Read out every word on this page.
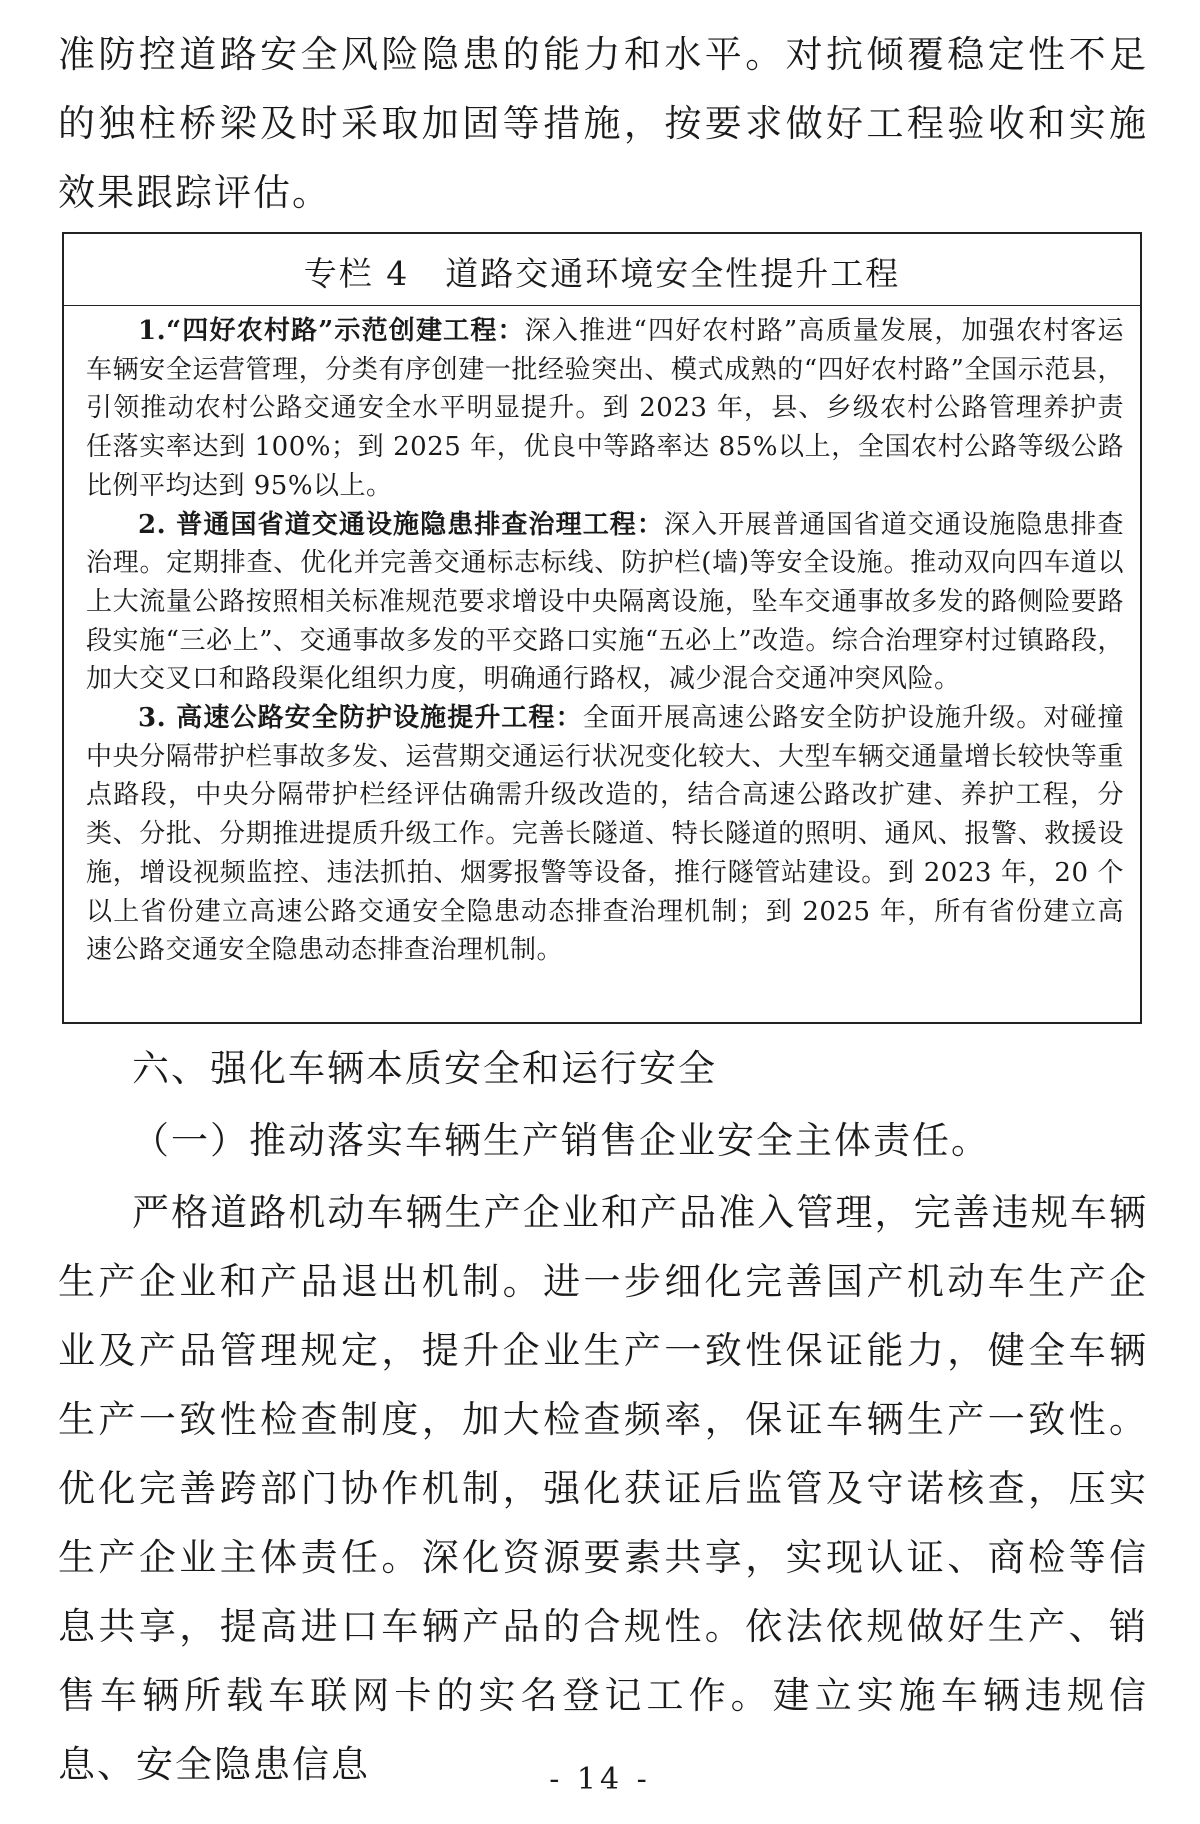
准防控道路安全风险隐患的能力和水平。对抗倾覆稳定性不足的独柱桥梁及时采取加固等措施，按要求做好工程验收和实施效果跟踪评估。

专栏 4 道路交通环境安全性提升工程

1.“四好农村路”示范创建工程：深入推进“四好农村路”高质量发展，加强农村客运车辆安全运营管理，分类有序创建一批经验突出、模式成熟的“四好农村路”全国示范县，引领推动农村公路交通安全水平明显提升。到 2023 年，县、乡级农村公路管理养护责任落实率达到 100%；到 2025 年，优良中等路率达 85%以上，全国农村公路等级公路比例平均达到 95%以上。

2. 普通国省道交通设施隐患排查治理工程：深入开展普通国省道交通设施隐患排查治理。定期排查、优化并完善交通标志标线、防护栏(墙)等安全设施。推动双向四车道以上大流量公路按照相关标准规范要求增设中央隔离设施，坠车交通事故多发的路侧险要路段实施“三必上”、交通事故多发的平交路口实施“五必上”改造。综合治理穿村过镇路段，加大交叉口和路段渠化组织力度，明确通行路权，减少混合交通冲突风险。

3. 高速公路安全防护设施提升工程：全面开展高速公路安全防护设施升级。对碰撞中央分隔带护栏事故多发、运营期交通运行状况变化较大、大型车辆交通量增长较快等重点路段，中央分隔带护栏经评估确需升级改造的，结合高速公路改扩建、养护工程，分类、分批、分期推进提质升级工作。完善长隧道、特长隧道的照明、通风、报警、救援设施，增设视频监控、违法抓拍、烟雾报警等设备，推行隧管站建设。到 2023 年，20 个以上省份建立高速公路交通安全隐患动态排查治理机制；到 2025 年，所有省份建立高速公路交通安全隐患动态排查治理机制。

六、强化车辆本质安全和运行安全

（一）推动落实车辆生产销售企业安全主体责任。

严格道路机动车辆生产企业和产品准入管理，完善违规车辆生产企业和产品退出机制。进一步细化完善国产机动车生产企业及产品管理规定，提升企业生产一致性保证能力，健全车辆生产一致性检查制度，加大检查频率，保证车辆生产一致性。优化完善跨部门协作机制，强化获证后监管及守诺核查，压实生产企业主体责任。深化资源要素共享，实现认证、商检等信息共享，提高进口车辆产品的合规性。依法依规做好生产、销售车辆所载车联网卡的实名登记工作。建立实施车辆违规信息、安全隐患信息	- 14 -
